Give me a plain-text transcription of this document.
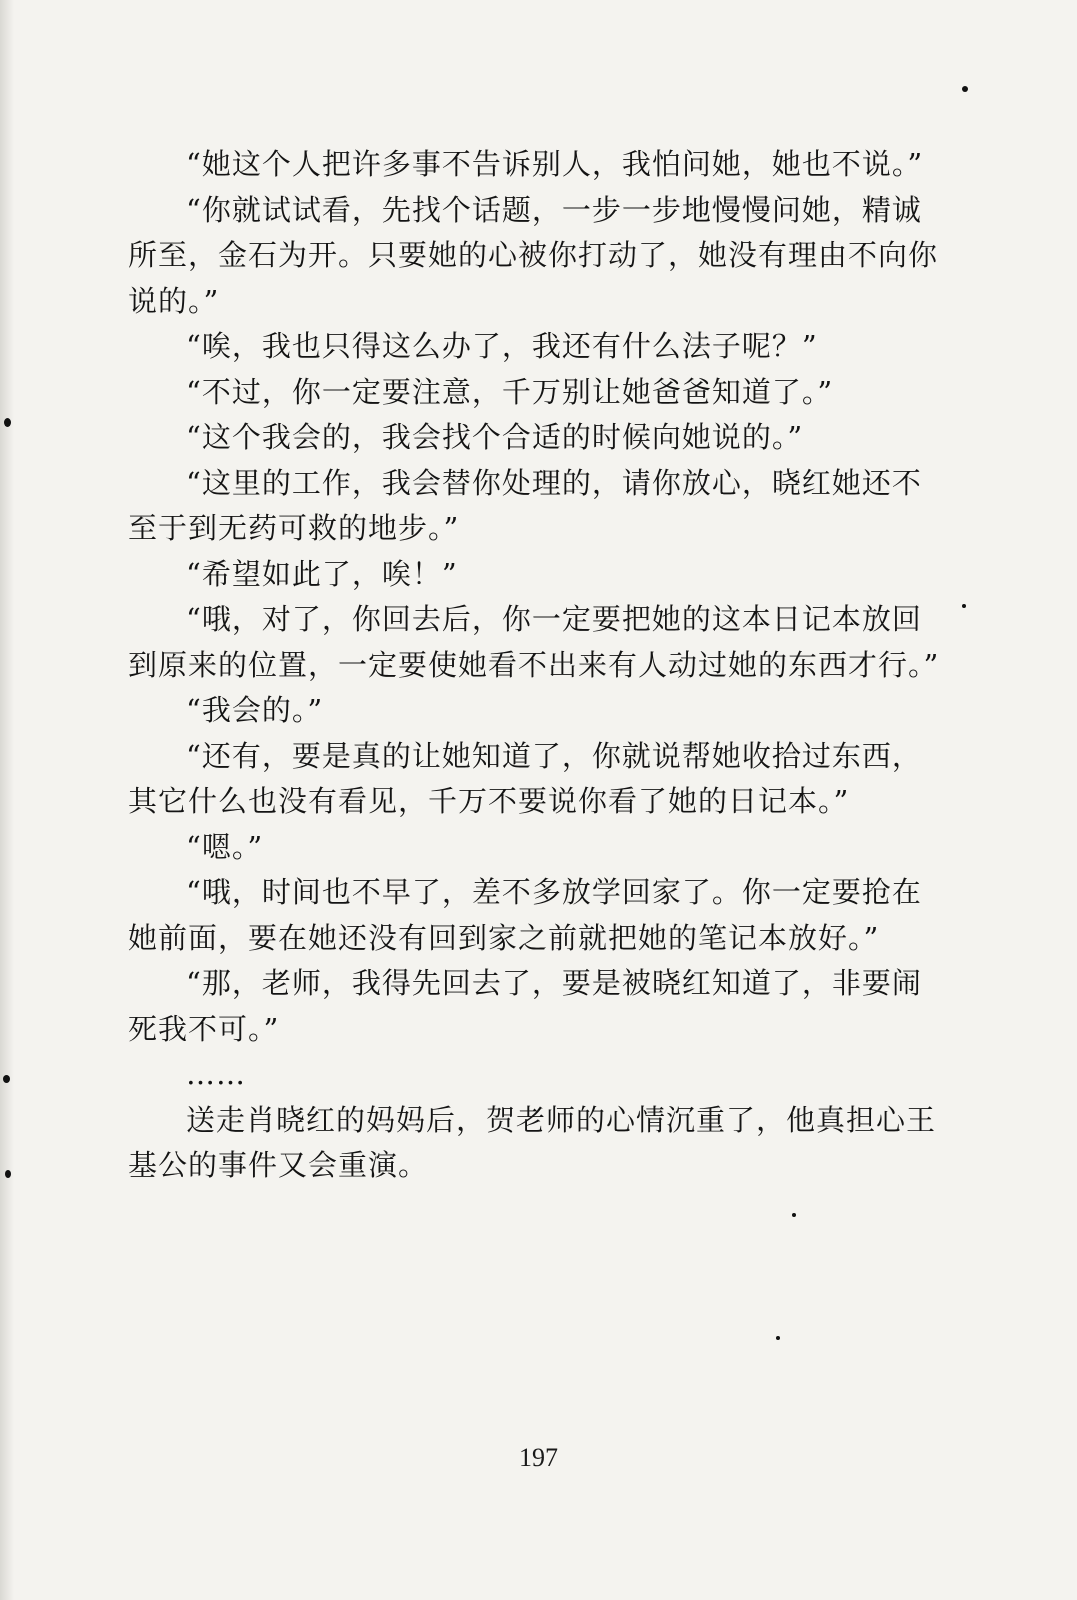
“她这个人把许多事不告诉别人，我怕问她，她也不说。”

“你就试试看，先找个话题，一步一步地慢慢问她，精诚所至，金石为开。只要她的心被你打动了，她没有理由不向你说的。”

“唉，我也只得这么办了，我还有什么法子呢？”

“不过，你一定要注意，千万别让她爸爸知道了。”

“这个我会的，我会找个合适的时候向她说的。”

“这里的工作，我会替你处理的，请你放心，晓红她还不至于到无药可救的地步。”

“希望如此了，唉！”

“哦，对了，你回去后，你一定要把她的这本日记本放回到原来的位置，一定要使她看不出来有人动过她的东西才行。”

“我会的。”

“还有，要是真的让她知道了，你就说帮她收拾过东西，其它什么也没有看见，千万不要说你看了她的日记本。”

“嗯。”

“哦，时间也不早了，差不多放学回家了。你一定要抢在她前面，要在她还没有回到家之前就把她的笔记本放好。”

“那，老师，我得先回去了，要是被晓红知道了，非要闹死我不可。”

……

送走肖晓红的妈妈后，贺老师的心情沉重了，他真担心王基公的事件又会重演。

197
